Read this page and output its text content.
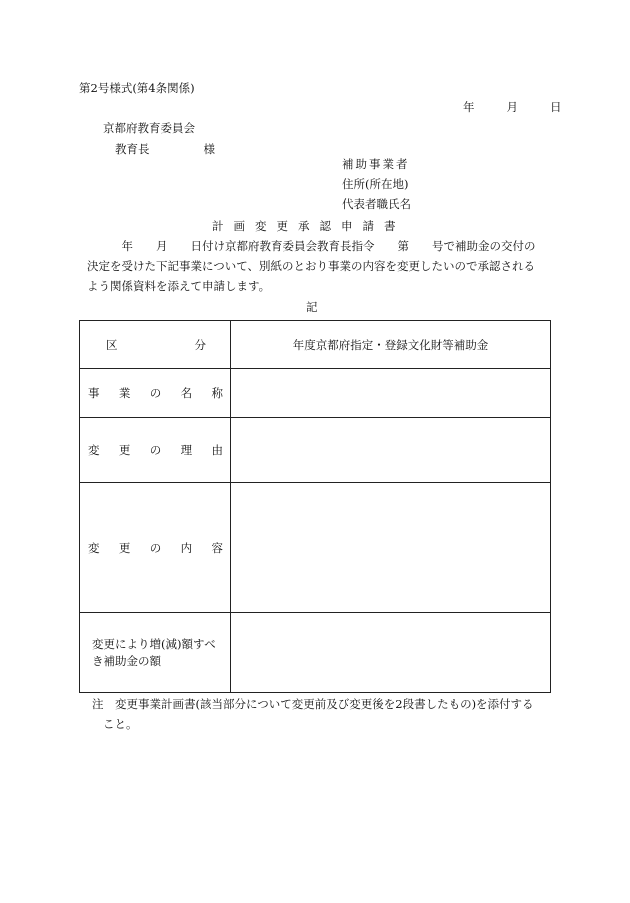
第2号様式(第4条関係)
年	月	日
京都府教育委員会
教育長	様
補助事業者
住所(所在地)
代表者職氏名
計画変更承認申請書
　　　年　　月　　日付け京都府教育委員会教育長指令　　第　　号で補助金の交付の
決定を受けた下記事業について、別紙のとおり事業の内容を変更したいので承認される
よう関係資料を添えて申請します。
記
区 分	年度京都府指定・登録文化財等補助金

事 業 の 名 称	

変 更 の 理 由	

変 更 の 内 容	

変更により増(減)額すべき補助金の額	

注　変更事業計画書(該当部分について変更前及び変更後を2段書したもの)を添付する
こと。
